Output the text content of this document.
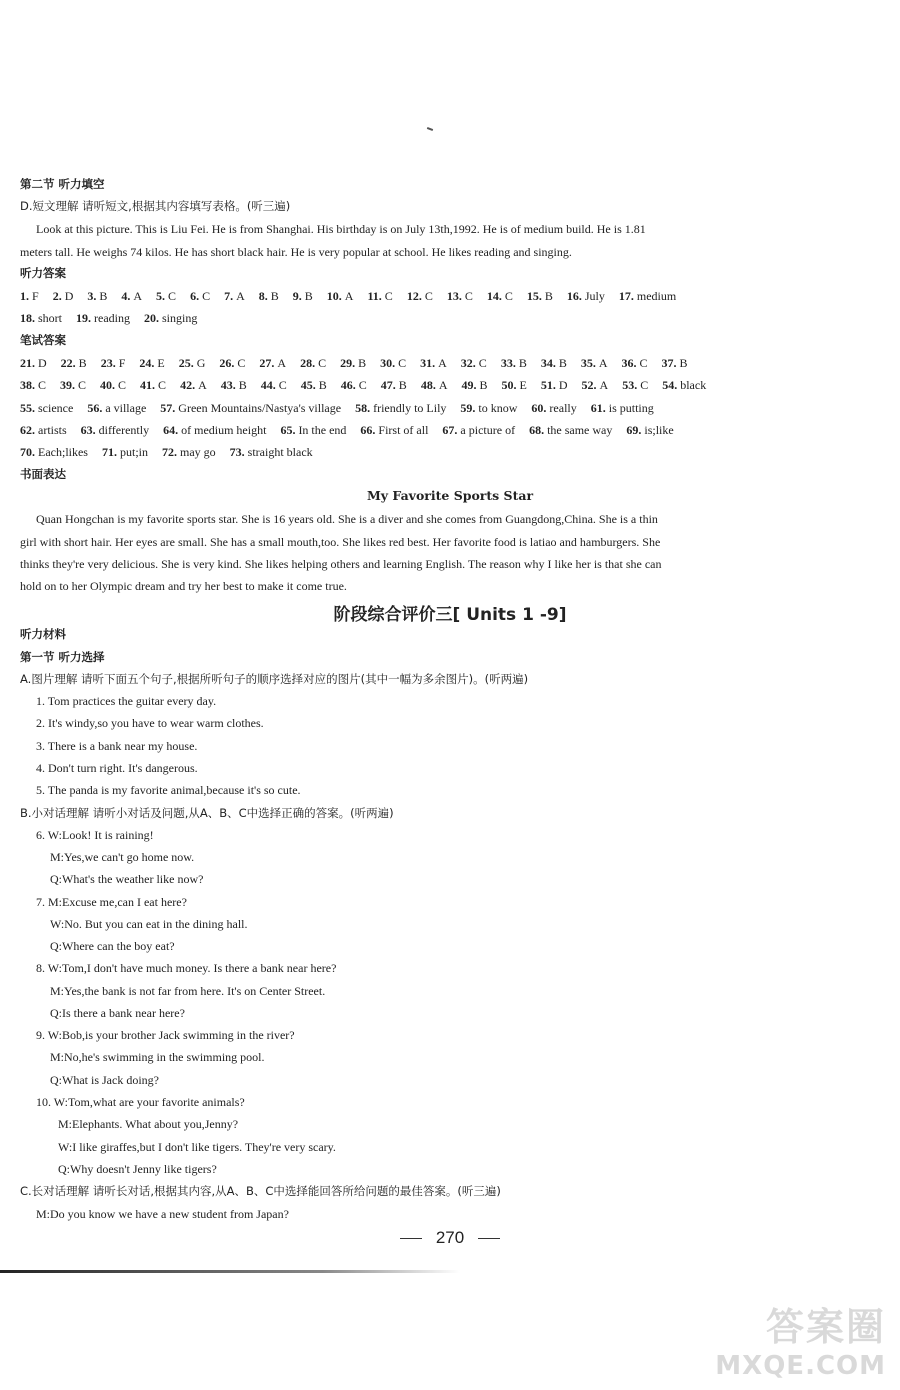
第二节 听力填空
D.短文理解 请听短文,根据其内容填写表格。(听三遍)
Look at this picture. This is Liu Fei. He is from Shanghai. His birthday is on July 13th,1992. He is of medium build. He is 1.81
meters tall. He weighs 74 kilos. He has short black hair. He is very popular at school. He likes reading and singing.
听力答案
1. F 2. D 3. B 4. A 5. C 6. C 7. A 8. B 9. B 10. A 11. C 12. C 13. C 14. C 15. B 16. July 17. medium
18. short 19. reading 20. singing
笔试答案
21. D 22. B 23. F 24. E 25. G 26. C 27. A 28. C 29. B 30. C 31. A 32. C 33. B 34. B 35. A 36. C 37. B
38. C 39. C 40. C 41. C 42. A 43. B 44. C 45. B 46. C 47. B 48. A 49. B 50. E 51. D 52. A 53. C 54. black
55. science 56. a village 57. Green Mountains/Nastya's village 58. friendly to Lily 59. to know 60. really 61. is putting
62. artists 63. differently 64. of medium height 65. In the end 66. First of all 67. a picture of 68. the same way 69. is;like
70. Each;likes 71. put;in 72. may go 73. straight black
书面表达
My Favorite Sports Star
Quan Hongchan is my favorite sports star. She is 16 years old. She is a diver and she comes from Guangdong,China. She is a thin
girl with short hair. Her eyes are small. She has a small mouth,too. She likes red best. Her favorite food is latiao and hamburgers. She
thinks they're very delicious. She is very kind. She likes helping others and learning English. The reason why I like her is that she can
hold on to her Olympic dream and try her best to make it come true.
阶段综合评价三[ Units 1 -9]
听力材料
第一节 听力选择
A.图片理解 请听下面五个句子,根据所听句子的顺序选择对应的图片(其中一幅为多余图片)。(听两遍)
1. Tom practices the guitar every day.
2. It's windy,so you have to wear warm clothes.
3. There is a bank near my house.
4. Don't turn right. It's dangerous.
5. The panda is my favorite animal,because it's so cute.
B.小对话理解 请听小对话及问题,从A、B、C中选择正确的答案。(听两遍)
6. W:Look! It is raining!
M:Yes,we can't go home now.
Q:What's the weather like now?
7. M:Excuse me,can I eat here?
W:No. But you can eat in the dining hall.
Q:Where can the boy eat?
8. W:Tom,I don't have much money. Is there a bank near here?
M:Yes,the bank is not far from here. It's on Center Street.
Q:Is there a bank near here?
9. W:Bob,is your brother Jack swimming in the river?
M:No,he's swimming in the swimming pool.
Q:What is Jack doing?
10. W:Tom,what are your favorite animals?
M:Elephants. What about you,Jenny?
W:I like giraffes,but I don't like tigers. They're very scary.
Q:Why doesn't Jenny like tigers?
C.长对话理解 请听长对话,根据其内容,从A、B、C中选择能回答所给问题的最佳答案。(听三遍)
M:Do you know we have a new student from Japan?
270
答案圈
MXQE.COM
